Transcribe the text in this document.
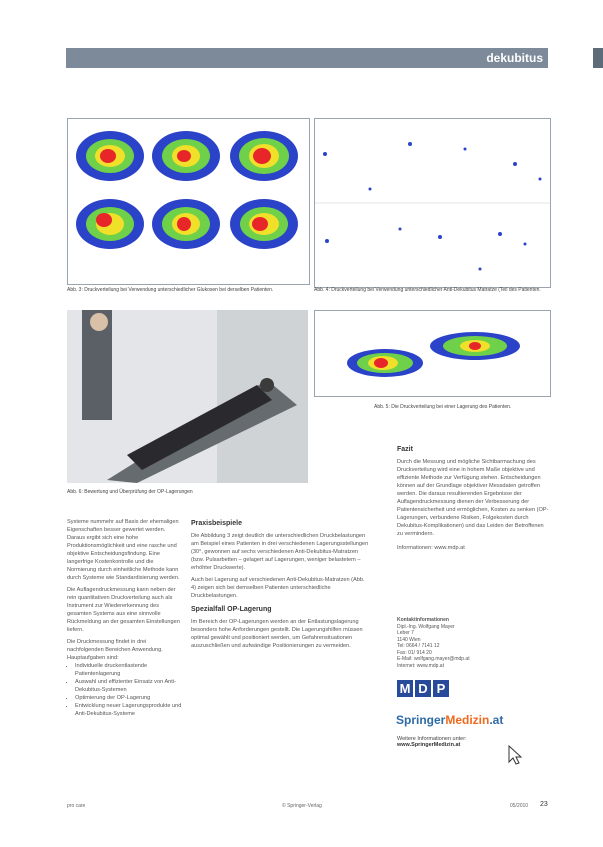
dekubitus
Abb. 3: Druckverteilung bei Verwendung unterschiedlicher Glukosen bei derselben Patienten.	Abb. 4: Druckverteilung bei Verwendung unterschiedlicher Anti-Dekubitus Matratze (Teil des Patienten.
Abb. 6: Bewertung und Überprüfung der OP-Lagerungen
Abb. 5: Die Druckverteilung bei einer Lagerung des Patienten.

Systeme nummehr auf Basis der ehemaligen Eigenschaften besser gewertet werden. Daraus ergibt sich eine hohe Produktionsmöglichkeit und eine rasche und objektive Entscheidungsfindung. Eine langerfrige Kostenkontrolle und die Normierung durch einheitliche Methode kann durch Systeme wie Standardisierung werden.

Die Auflagendruckmessung kann neben der rein quantitativen Druckverteilung auch als Instrument zur Wiedererkennung des gesamten Systems aus eine sinnvolle Rückmeldung an der gesamten Einstellungen liefern.

Die Druckmessung findet in drei nachfolgenden Bereichen Anwendung. Hauptaufgaben sind:

• Individuelle druckentlastende Patientenlagerung
• Auswahl und effizienter Einsatz von Anti-Dekubitus-Systemen
• Optimierung der OP-Lagerung
• Entwicklung neuer Lagerungsprodukte und Anti-Dekubitus-Systeme
Praxisbeispiele

Die Abbildung 3 zeigt deutlich die unterschiedlichen Druckbelastungen am Beispiel eines Patienten in drei verschiedenen Lagerungsstellungen (30°, gewonnen auf sechs verschiedenen Anti-Dekubitus-Matratzen (bzw. Pulsarbetten – gelagert auf Lagerungen, weniger belastetem – erhöhter Druckwerte).

Auch bei Lagerung auf verschiedenen Anti-Dekubitus-Matratzen (Abb. 4) zeigen sich bei demselben Patienten unterschiedliche Druckbelastungen.

Spezialfall OP-Lagerung

Im Bereich der OP-Lagerungen werden an der Entlastungslagerung besonders hohe Anforderungen gestellt. Die Lagerungshilfen müssen optimal gewählt und positioniert werden, um Gefahrensituationen auszuschließen und aufwändige Positionierungen zu vermeiden.

Fazit

Durch die Messung und mögliche Sichtbarmachung des Druckverteilung wird eine in hohem Maße objektive und effiziente Methode zur Verfügung stehen. Entscheidungen können auf der Grundlage objektiver Messdaten getroffen werden. Die daraus resultierenden Ergebnisse der Auflagendruckmessung dienen der Verbesserung der Patientensicherheit und ermöglichen, Kosten zu senken (OP-Lagerungen, verbundene Risiken, Folgekosten durch Dekubitus-Komplikationen) und das Leiden der Betroffenen zu vermindern.

Informationen: www.mdp.at

Kontaktinformationen
Dipl.-Ing. Wolfgang Mayer
Leber 7
1140 Wien
Tel: 0664 / 7141 12
Fax: 01/ 914 20
E-Mail: wolfgang.mayer@mdp.at
Internet: www.mdp.at
M D P
SpringerMedizin.at
Weitere Informationen unter:
www.SpringerMedizin.at
pro care	© Springer-Verlag	05/2010 23
